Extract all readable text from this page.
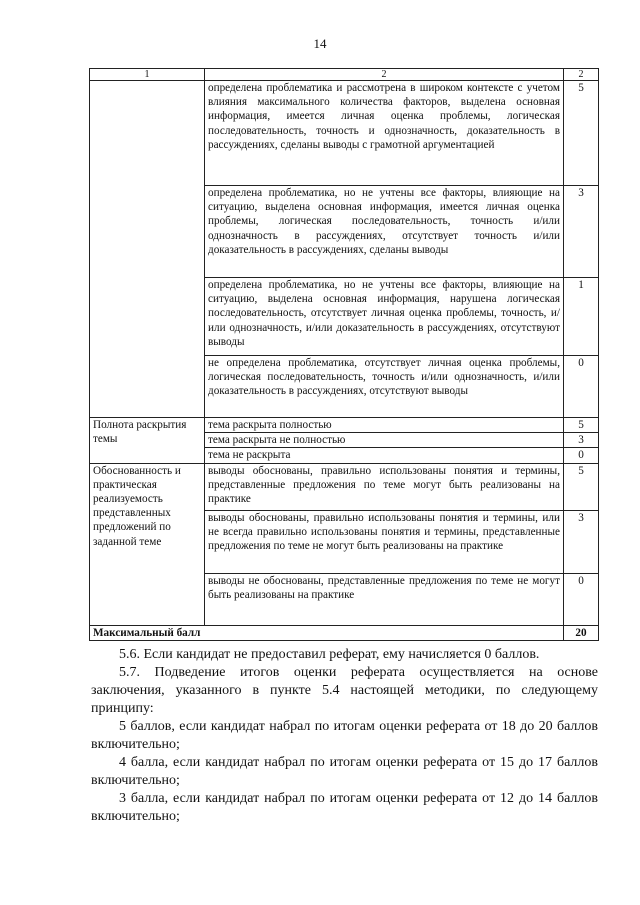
14
1	2	2
	определена проблематика и рассмотрена в широком контексте с учетом влияния максимального количества факторов, выделена основная информация, имеется личная оценка проблемы, логическая последовательность, точность и однозначность, доказательность в рассуждениях, сделаны выводы с грамотной аргументацией	5
	определена проблематика, но не учтены все факторы, влияющие на ситуацию, выделена основная информация, имеется личная оценка проблемы, логическая последовательность, точность и/или однозначность в рассуждениях, отсутствует точность и/или доказательность в рассуждениях, сделаны выводы	3
	определена проблематика, но не учтены все факторы, влияющие на ситуацию, выделена основная информация, нарушена логическая последовательность, отсутствует личная оценка проблемы, точность, и/или однозначность, и/или доказательность в рассуждениях, отсутствуют выводы	1
	не определена проблематика, отсутствует личная оценка проблемы, логическая последовательность, точность и/или однозначность, и/или доказательность в рассуждениях, отсутствуют выводы	0
Полнота раскрытия темы	тема раскрыта полностью	5
	тема раскрыта не полностью	3
	тема не раскрыта	0
Обоснованность и практическая реализуемость представленных предложений по заданной теме	выводы обоснованы, правильно использованы понятия и термины, представленные предложения по теме могут быть реализованы на практике	5
	выводы обоснованы, правильно использованы понятия и термины, или не всегда правильно использованы понятия и термины, представленные предложения по теме не могут быть реализованы на практике	3
	выводы не обоснованы, представленные предложения по теме не могут быть реализованы на практике	0
Максимальный балл		20
5.6. Если кандидат не предоставил реферат, ему начисляется 0 баллов.
5.7. Подведение итогов оценки реферата осуществляется на основе заключения, указанного в пункте 5.4 настоящей методики, по следующему принципу:
5 баллов, если кандидат набрал по итогам оценки реферата от 18 до 20 баллов включительно;
4 балла, если кандидат набрал по итогам оценки реферата от 15 до 17 баллов включительно;
3 балла, если кандидат набрал по итогам оценки реферата от 12 до 14 баллов включительно;
